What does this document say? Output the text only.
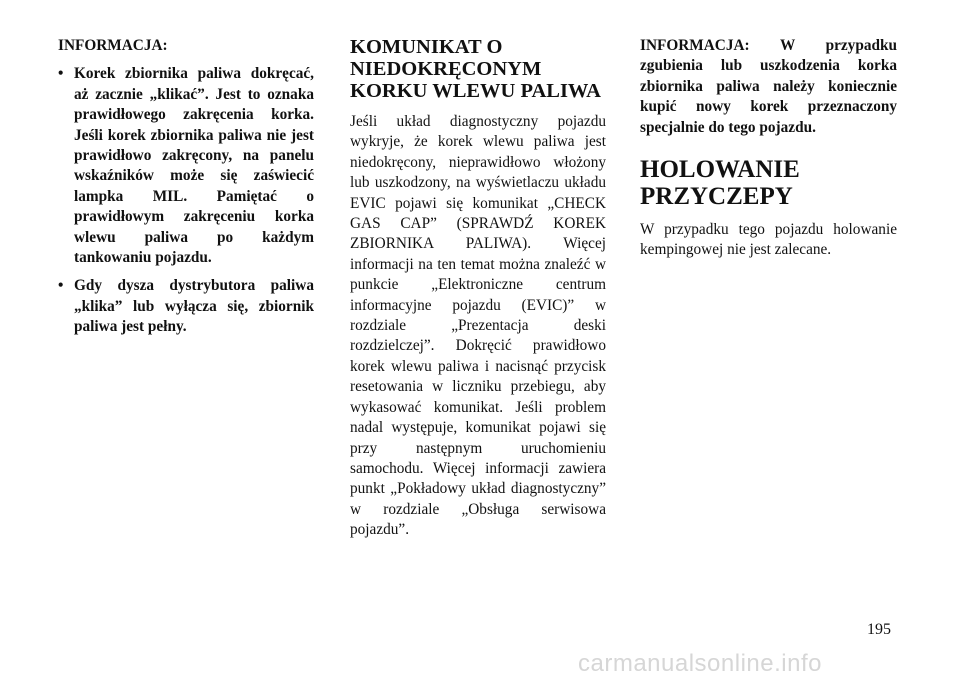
INFORMACJA:

• Korek zbiornika paliwa dokręcać, aż zacznie „klikać”. Jest to oznaka prawidłowego zakręcenia korka. Jeśli korek zbiornika paliwa nie jest prawidłowo zakręcony, na panelu wskaźników może się zaświecić lampka MIL. Pamiętać o prawidłowym zakręceniu korka wlewu paliwa po każdym tankowaniu pojazdu.
• Gdy dysza dystrybutora paliwa „klika” lub wyłącza się, zbiornik paliwa jest pełny.
KOMUNIKAT O NIEDOKRĘCONYM KORKU WLEWU PALIWA

Jeśli układ diagnostyczny pojazdu wykryje, że korek wlewu paliwa jest niedokręcony, nieprawidłowo włożony lub uszkodzony, na wyświetlaczu układu EVIC pojawi się komunikat „CHECK GAS CAP” (SPRAWDŹ KOREK ZBIORNIKA PALIWA). Więcej informacji na ten temat można znaleźć w punkcie „Elektroniczne centrum informacyjne pojazdu (EVIC)” w rozdziale „Prezentacja deski rozdzielczej”. Dokręcić prawidłowo korek wlewu paliwa i nacisnąć przycisk resetowania w liczniku przebiegu, aby wykasować komunikat. Jeśli problem nadal występuje, komunikat pojawi się przy następnym uruchomieniu samochodu. Więcej informacji zawiera punkt „Pokładowy układ diagnostyczny” w rozdziale „Obsługa serwisowa pojazdu”.

INFORMACJA: W przypadku zgubienia lub uszkodzenia korka zbiornika paliwa należy koniecznie kupić nowy korek przeznaczony specjalnie do tego pojazdu.

HOLOWANIE PRZYCZEPY

W przypadku tego pojazdu holowanie kempingowej nie jest zalecane.

195
carmanualsonline.info
